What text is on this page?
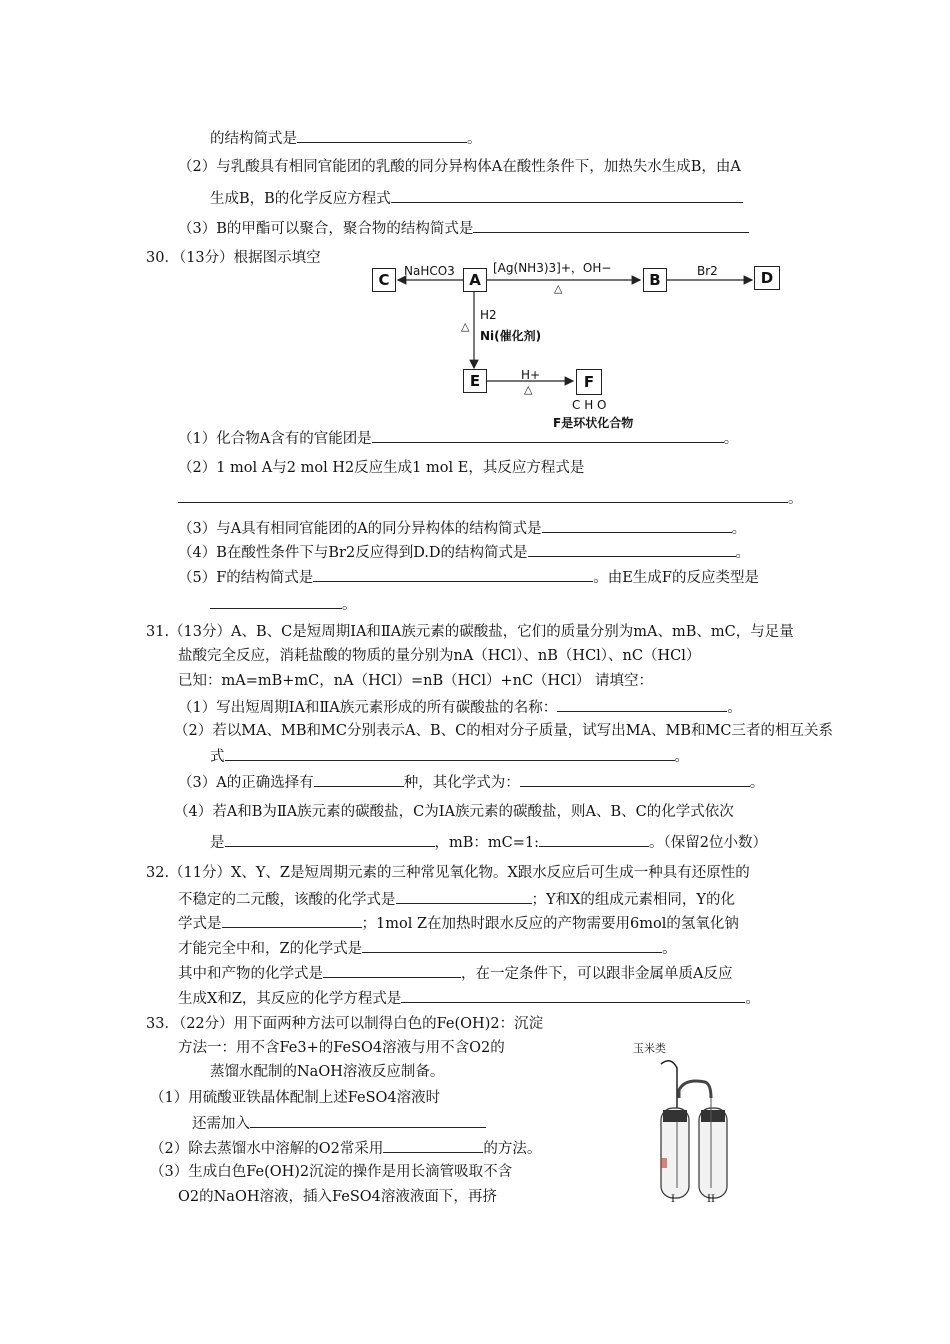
的结构简式是	。
（2）与乳酸具有相同官能团的乳酸的同分异构体A在酸性条件下，加热失水生成B，由A
生成B，B的化学反应方程式
（3）B的甲酯可以聚合，聚合物的结构简式是
30．（13分）根据图示填空
C	A	B	D
E	F
NaHCO3	[Ag(NH3)3]+，OH−
△
Br2
H2
△
Ni(催化剂)
H+
△
C H O
F是环状化合物
（1）化合物A含有的官能团是	。
（2）1 mol A与2 mol H2反应生成1 mol E，其反应方程式是
。
（3）与A具有相同官能团的A的同分异构体的结构简式是	。
（4）B在酸性条件下与Br2反应得到D.D的结构简式是	。
（5）F的结构简式是	。由E生成F的反应类型是
。
31.（13分）A、B、C是短周期ⅠA和ⅡA族元素的碳酸盐，它们的质量分别为mA、mB、mC，与足量
盐酸完全反应，消耗盐酸的物质的量分别为nA（HCl）、nB（HCl）、nC（HCl）
已知：mA=mB+mC，nA（HCl）=nB（HCl）+nC（HCl） 请填空：
（1）写出短周期ⅠA和ⅡA族元素形成的所有碳酸盐的名称：	。
（2）若以MA、MB和MC分别表示A、B、C的相对分子质量，试写出MA、MB和MC三者的相互关系
式	。
（3）A的正确选择有	种，其化学式为：	。
（4）若A和B为ⅡA族元素的碳酸盐，C为ⅠA族元素的碳酸盐，则A、B、C的化学式依次
是	，mB：mC=1:	。（保留2位小数）
32.（11分）X、Y、Z是短周期元素的三种常见氧化物。X跟水反应后可生成一种具有还原性的
不稳定的二元酸，该酸的化学式是	；Y和X的组成元素相同，Y的化
学式是	；1mol Z在加热时跟水反应的产物需要用6mol的氢氧化钠
才能完全中和，Z的化学式是	。
其中和产物的化学式是	，在一定条件下，可以跟非金属单质A反应
生成X和Z，其反应的化学方程式是	。
33．（22分）用下面两种方法可以制得白色的Fe(OH)2：沉淀
方法一：用不含Fe3+的FeSO4溶液与用不含O2的
蒸馏水配制的NaOH溶液反应制备。
（1）用硫酸亚铁晶体配制上述FeSO4溶液时
还需加入
（2）除去蒸馏水中溶解的O2常采用	的方法。
（3）生成白色Fe(OH)2沉淀的操作是用长滴管吸取不含
O2的NaOH溶液，插入FeSO4溶液液面下，再挤
玉米类
I	II
